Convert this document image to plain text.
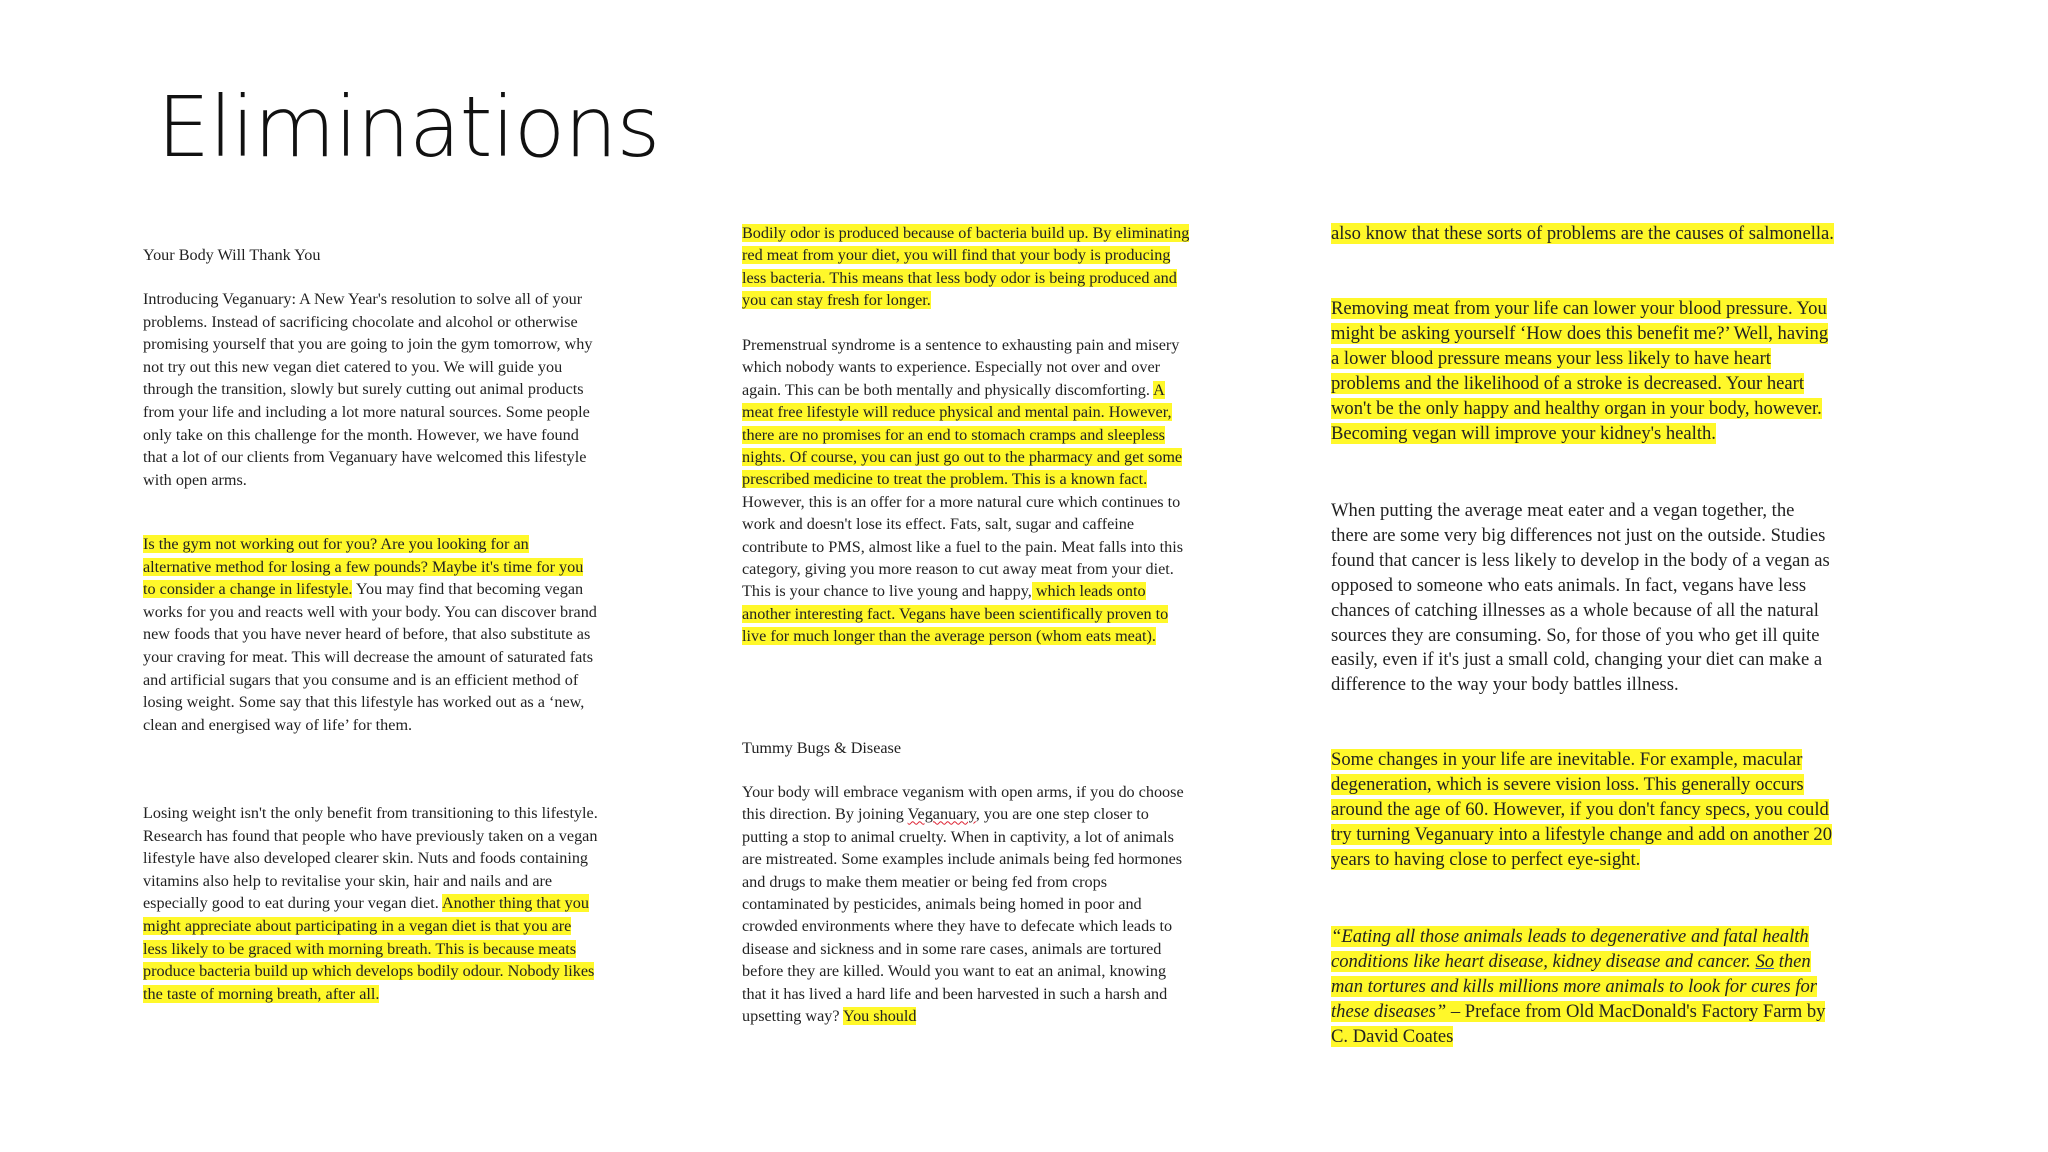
Eliminations

Your Body Will Thank You

Introducing Veganuary: A New Year's resolution to solve all of your problems. Instead of sacrificing chocolate and alcohol or otherwise promising yourself that you are going to join the gym tomorrow, why not try out this new vegan diet catered to you. We will guide you through the transition, slowly but surely cutting out animal products from your life and including a lot more natural sources. Some people only take on this challenge for the month. However, we have found that a lot of our clients from Veganuary have welcomed this lifestyle with open arms.

Is the gym not working out for you? Are you looking for an alternative method for losing a few pounds? Maybe it's time for you to consider a change in lifestyle. You may find that becoming vegan works for you and reacts well with your body. You can discover brand new foods that you have never heard of before, that also substitute as your craving for meat. This will decrease the amount of saturated fats and artificial sugars that you consume and is an efficient method of losing weight. Some say that this lifestyle has worked out as a ‘new, clean and energised way of life’ for them.

Losing weight isn't the only benefit from transitioning to this lifestyle. Research has found that people who have previously taken on a vegan lifestyle have also developed clearer skin. Nuts and foods containing vitamins also help to revitalise your skin, hair and nails and are especially good to eat during your vegan diet. Another thing that you might appreciate about participating in a vegan diet is that you are less likely to be graced with morning breath. This is because meats produce bacteria build up which develops bodily odour. Nobody likes the taste of morning breath, after all.

Bodily odor is produced because of bacteria build up. By eliminating red meat from your diet, you will find that your body is producing less bacteria. This means that less body odor is being produced and you can stay fresh for longer.

Premenstrual syndrome is a sentence to exhausting pain and misery which nobody wants to experience. Especially not over and over again. This can be both mentally and physically discomforting. A meat free lifestyle will reduce physical and mental pain. However, there are no promises for an end to stomach cramps and sleepless nights. Of course, you can just go out to the pharmacy and get some prescribed medicine to treat the problem. This is a known fact. However, this is an offer for a more natural cure which continues to work and doesn't lose its effect. Fats, salt, sugar and caffeine contribute to PMS, almost like a fuel to the pain. Meat falls into this category, giving you more reason to cut away meat from your diet. This is your chance to live young and happy, which leads onto another interesting fact. Vegans have been scientifically proven to live for much longer than the average person (whom eats meat).

Tummy Bugs & Disease

Your body will embrace veganism with open arms, if you do choose this direction. By joining Veganuary, you are one step closer to putting a stop to animal cruelty. When in captivity, a lot of animals are mistreated. Some examples include animals being fed hormones and drugs to make them meatier or being fed from crops contaminated by pesticides, animals being homed in poor and crowded environments where they have to defecate which leads to disease and sickness and in some rare cases, animals are tortured before they are killed. Would you want to eat an animal, knowing that it has lived a hard life and been harvested in such a harsh and upsetting way? You should

also know that these sorts of problems are the causes of salmonella.

Removing meat from your life can lower your blood pressure. You might be asking yourself ‘How does this benefit me?’ Well, having a lower blood pressure means your less likely to have heart problems and the likelihood of a stroke is decreased. Your heart won't be the only happy and healthy organ in your body, however. Becoming vegan will improve your kidney's health.

When putting the average meat eater and a vegan together, the there are some very big differences not just on the outside. Studies found that cancer is less likely to develop in the body of a vegan as opposed to someone who eats animals. In fact, vegans have less chances of catching illnesses as a whole because of all the natural sources they are consuming. So, for those of you who get ill quite easily, even if it's just a small cold, changing your diet can make a difference to the way your body battles illness.

Some changes in your life are inevitable. For example, macular degeneration, which is severe vision loss. This generally occurs around the age of 60. However, if you don't fancy specs, you could try turning Veganuary into a lifestyle change and add on another 20 years to having close to perfect eye-sight.

“Eating all those animals leads to degenerative and fatal health conditions like heart disease, kidney disease and cancer. So then man tortures and kills millions more animals to look for cures for these diseases” – Preface from Old MacDonald's Factory Farm by C. David Coates
